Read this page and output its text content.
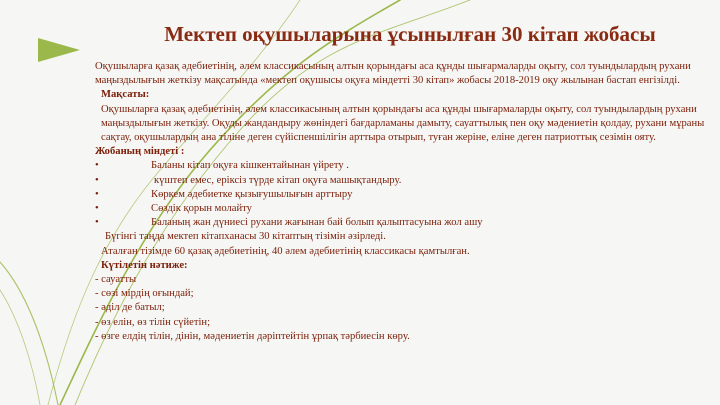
Мектеп оқушыларына ұсынылған 30 кітап жобасы

Оқушыларға қазақ әдебиетінің, әлем классикасының алтын қорындағы аса құнды шығармаларды оқыту, сол туындылардың рухани маңыздылығын жеткізу мақсатында «мектеп оқушысы оқуға міндетті 30 кітап» жобасы 2018-2019 оқу жылынан бастап енгізілді.

Мақсаты:

Оқушыларға қазақ әдебиетінің, әлем классикасының алтын қорындағы аса құнды шығармаларды оқыту, сол туындылардың рухани маңыздылығын жеткізу. Оқуды жандандыру жөніндегі бағдарламаны дамыту, сауаттылық пен оқу мәдениетін қолдау, рухани мұраны сақтау, оқушылардың ана тіліне деген сүйіспеншілігін арттыра отырып, туған жеріне, еліне деген патриоттық сезімін ояту.

Жобаның міндеті :

•	Баланы кітап оқуға кішкентайынан үйрету .
•	күштеп емес, еріксіз түрде кітап оқуға машықтандыру.
•	Көркем әдебиетке қызығушылығын арттыру
•	Сөздік қорын молайту
•	Баланың жан дүниесі рухани жағынан бай болып қалыптасуына жол ашу

Бүгінгі таңда мектеп кітапханасы 30 кітаптың тізімін әзірледі.

Аталған тізімде 60 қазақ әдебиетінің, 40 әлем әдебиетінің классикасы қамтылған.

Күтілетін нәтиже:

- сауатты

- сөзі мірдің оғындай;

- әділ де батыл;

- өз елін, өз тілін сүйетін;

- өзге елдің тілін, дінін, мәдениетін дәріптейтін ұрпақ тәрбиесін көру.
